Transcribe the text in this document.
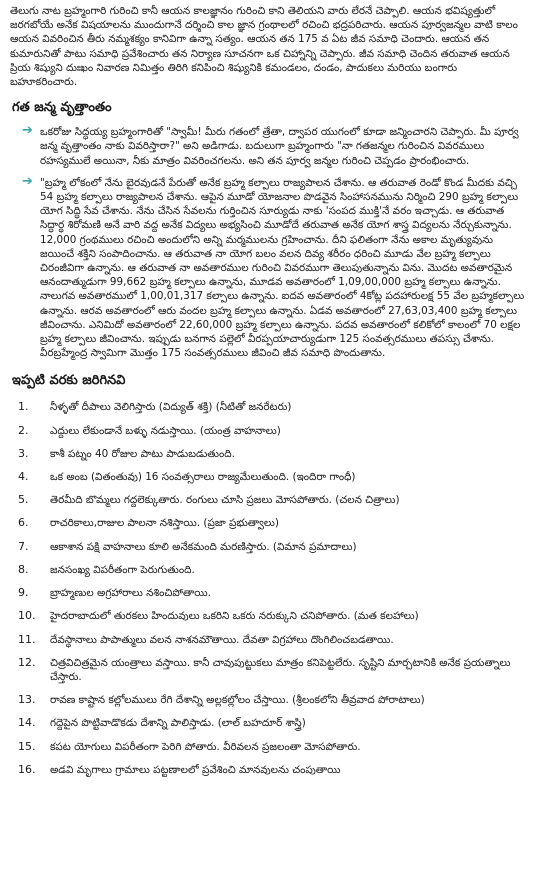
తెలుగు నాట బ్రహ్మంగారి గురించి కానీ ఆయన కాలజ్ఞానం గురించి కాని తెలియని వారు లేరనే చెప్పాలి. ఆయన భవిష్యత్తులో జరగబోయే అనేక విషయాలను ముందుగానే దర్శించి కాల జ్ఞాన గ్రంథాలలో రచించి భద్రపరిచారు. ఆయన పూర్వజన్మల వాటి కాలం ఆయన వివరించిన తీరు నమ్మశక్యం కానివిగా ఉన్నా సత్యం. ఆయన తన 175 వ ఏట జీవ సమాధి చెందారు. ఆయన తన కుమారునితో పాటు సమాధి ప్రవేశించారు తన నిర్యాణ సూచనగా ఒక చిహ్నాన్ని చెప్పారు. జీవ సమాధి చెందిన తరువాత ఆయన ప్రియ శిష్యుని దుఃఖం నివారణ నిమిత్తం తిరిగి కనిపించి శిష్యునికి కమండలం, దండం, పాదుకలు మరియు బంగారు బహూకరించారు.

గత జన్మ వృత్తాంతం
➔ ఒకరోజు సిద్ధయ్య బ్రహ్మంగారితో "స్వామీ! మీరు గతంలో త్రేతా, ద్వాపర యుగంలో కూడా జన్మించారని చెప్పారు. మీ పూర్వ జన్మ వృత్తాంతం నాకు వివరిస్తారా?" అని అడిగాడు. బదులుగా బ్రహ్మంగారు "నా గతజన్మల గురించిన వివరములు రహస్యములే అయినా, నీకు మాత్రం వివరించగలను. అని తన పూర్వ జన్మల గురించి చెప్పడం ప్రారంభించారు.
➔ "బ్రహ్మ లోకంలో నేను బైరవుడనే పేరుతో అనేక బ్రహ్మ కల్పాలు రాజ్యపాలన చేశాను. ఆ తరువాత రెండో కొండ మీదకు వచ్చి 54 బ్రహ్మ కల్పాలు రాజ్యపాలన చేశాను. ఆపైన మూడో యోజనాల పొడవైన సింహాసనమును నిర్మించి 290 బ్రహ్మ కల్పాలు యోగ సిద్ధి సేవ చేశాను. నేను చేసిన సేవలను గుర్తించిన సూర్యుడు నాకు 'సంపద ముక్తి'నే వరం ఇచ్చాడు. ఆ తరువాత సిద్ధార్థ శిరోమణి అనే వారి వద్ద అనేక విద్యలు అభ్యసించి మూడోదే తరువాత అనేక యోగ శాస్త్ర విద్యలను నేర్చుకున్నాను. 12,000 గ్రంథములు రచించి అందులోని అన్ని మర్మములను గ్రహించాను. దీని ఫలితంగా నేను అకాల మృత్యువును జయించే శక్తిని సంపాదించాను. ఆ తరువాత నా యోగ బలం వలన దివ్య శరీరం ధరించి మూడు వేల బ్రహ్మ కల్పాలు చిరంజీవిగా ఉన్నాను. ఆ తరువాత నా అవతారముల గురించి వివరముగా తెలుపుతున్నాను విను. మొదట అవతారమైన ఆనందాత్ముడుగా 99,662 బ్రహ్మ కల్పాలు ఉన్నాను, మూడవ అవతారంలో 1,09,00,000 బ్రహ్మ కల్పాలు ఉన్నాను. నాలుగవ అవతారములో 1,00,01,317 కల్పాలు ఉన్నాను. ఐదవ అవతారంలో 4కోట్ల పదహారులక్ష 55 వేల బ్రహ్మకల్పాలు ఉన్నాను. ఆరవ అవతారంలో ఆరు వందల బ్రహ్మ కల్పాలు ఉన్నాను. ఏడవ అవతారంలో 27,63,03,400 బ్రహ్మ కల్పాలు జీవించాను. ఎనిమిదో అవతారంలో 22,60,000 బ్రహ్మ కల్పాలు ఉన్నాను. పదవ అవతారంలో కలికోలో కాలంలో 70 లక్షల బ్రహ్మ కల్పాలు జీవించాను. ఇప్పుడు బనగాన పల్లెలో వీరప్పయాచార్యుడుగా 125 సంవత్సరములు తపస్సు చేశాను. వీరబ్రహ్మేంద్ర స్వామిగా మొత్తం 175 సంవత్సరములు జీవించి జీవ సమాధి పొందుతాను.
ఇప్పటి వరకు జరిగినవి
1. నీళ్ళతో దీపాలు వెలిగిస్తారు (విద్యుత్ శక్తి) (నీటితో జనరేటరు)
2. ఎద్దులు లేకుండానే బళ్ళు నడుస్తాయి. (యంత్ర వాహనాలు)
3. కాశీ పట్నం 40 రోజుల పాటు పాడుబడుతుంది.
4. ఒక అంబ (వితంతువు) 16 సంవత్సరాలు రాజ్యమేలుతుంది. (ఇందిరా గాంధీ)
5. తెరమీది బొమ్మలు గద్దలెక్కుతారు. రంగులు చూసి ప్రజలు మోసపోతారు. (చలన చిత్రాలు)
6. రాచరికాలు,రాజుల పాలనా నశిస్తాయి. (ప్రజా ప్రభుత్వాలు)
7. ఆకాశాన పక్షి వాహనాలు కూలి అనేకమంది మరణిస్తారు. (విమాన ప్రమాదాలు)
8. జనసంఖ్య విపరీతంగా పెరుగుతుంది.
9. బ్రాహ్మణుల అగ్రహారాలు నశించిపోతాయి.
10. హైదరాబాదులో తురకలు హిందువులు ఒకరిని ఒకరు నరుక్కుని చనిపోతారు. (మత కలహాలు)
11. దేవస్థానాలు పాపాత్ములు వలన నాశనమౌతాయి. దేవతా విగ్రహాలు దొంగిలించబడతాయి.
12. చిత్రవిచిత్రమైన యంత్రాలు వస్తాయి. కానీ చావుపుట్టుకలు మాత్రం కనిపెట్టలేరు. సృష్టిని మార్చటానికి అనేక ప్రయత్నాలు చేస్తారు.
13. రావణ కాష్టాన కల్లోలములు రేగి దేశాన్ని అల్లకల్లోలం చేస్తాయి. (శ్రీలంకలోని తీవ్రవాద పోరాటాలు)
14. గద్దెపైన పొట్టివాడొకడు దేశాన్ని పాలిస్తాడు. (లాల్ బహదూర్ శాస్త్రి)
15. కపట యోగులు విపరీతంగా పెరిగి పోతారు. వీరివలన ప్రజలంతా మోసపోతారు.
16. అడవి మృగాలు గ్రామాలు పట్టణాలలో ప్రవేశించి మానవులను చంపుతాయి
